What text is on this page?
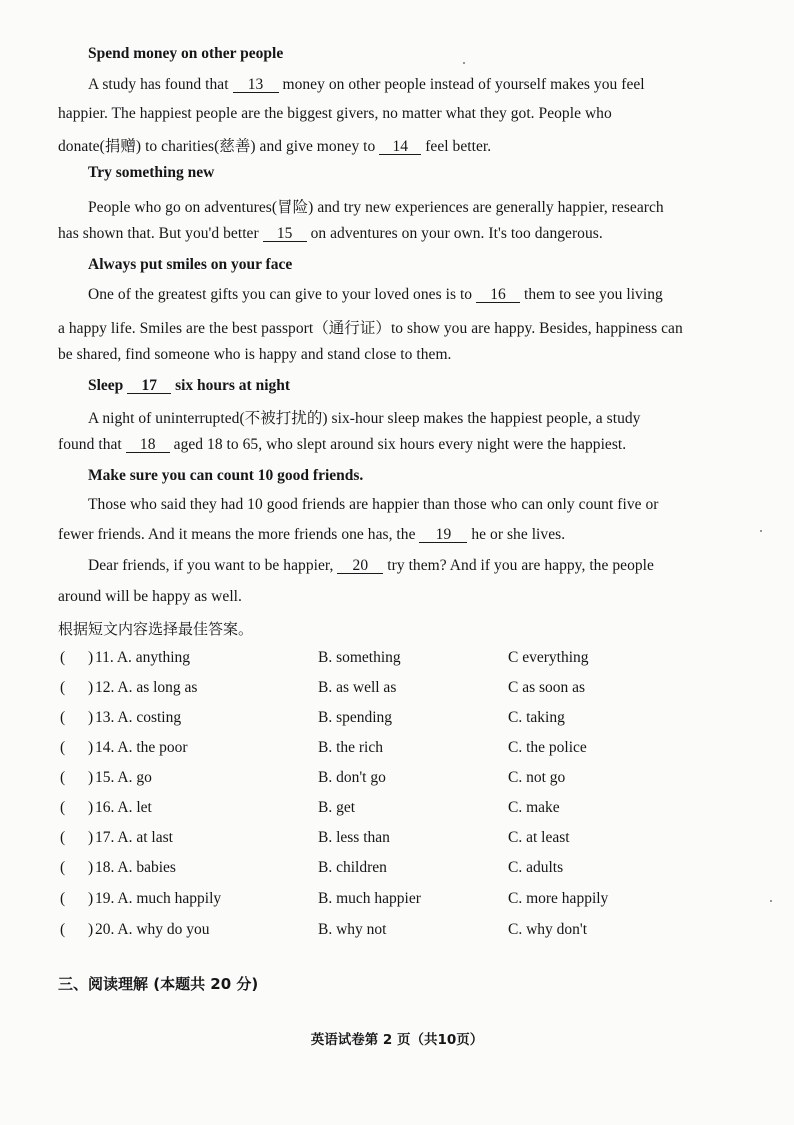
Spend money on other people
A study has found that 13 money on other people instead of yourself makes you feel
happier. The happiest people are the biggest givers, no matter what they got. People who
donate(捐赠) to charities(慈善) and give money to 14 feel better.
Try something new
People who go on adventures(冒险) and try new experiences are generally happier, research
has shown that. But you'd better 15 on adventures on your own. It's too dangerous.
Always put smiles on your face
One of the greatest gifts you can give to your loved ones is to 16 them to see you living
a happy life. Smiles are the best passport（通行证）to show you are happy. Besides, happiness can
be shared, find someone who is happy and stand close to them.
Sleep 17 six hours at night
A night of uninterrupted(不被打扰的) six-hour sleep makes the happiest people, a study
found that 18 aged 18 to 65, who slept around six hours every night were the happiest.
Make sure you can count 10 good friends.
Those who said they had 10 good friends are happier than those who can only count five or
fewer friends. And it means the more friends one has, the 19 he or she lives.
Dear friends, if you want to be happier, 20 try them? And if you are happy, the people
around will be happy as well.
根据短文内容选择最佳答案。
( ) 11. A. anything	B. something	C everything
( ) 12. A. as long as	B. as well as	C as soon as
( ) 13. A. costing	B. spending	C. taking
( ) 14. A. the poor	B. the rich	C. the police
( ) 15. A. go	B. don't go	C. not go
( ) 16. A. let	B. get	C. make
( ) 17. A. at last	B. less than	C. at least
( ) 18. A. babies	B. children	C. adults
( ) 19. A. much happily	B. much happier	C. more happily
( ) 20. A. why do you	B. why not	C. why don't
三、阅读理解 (本题共 20 分)
英语试卷第 2 页（共10页）
